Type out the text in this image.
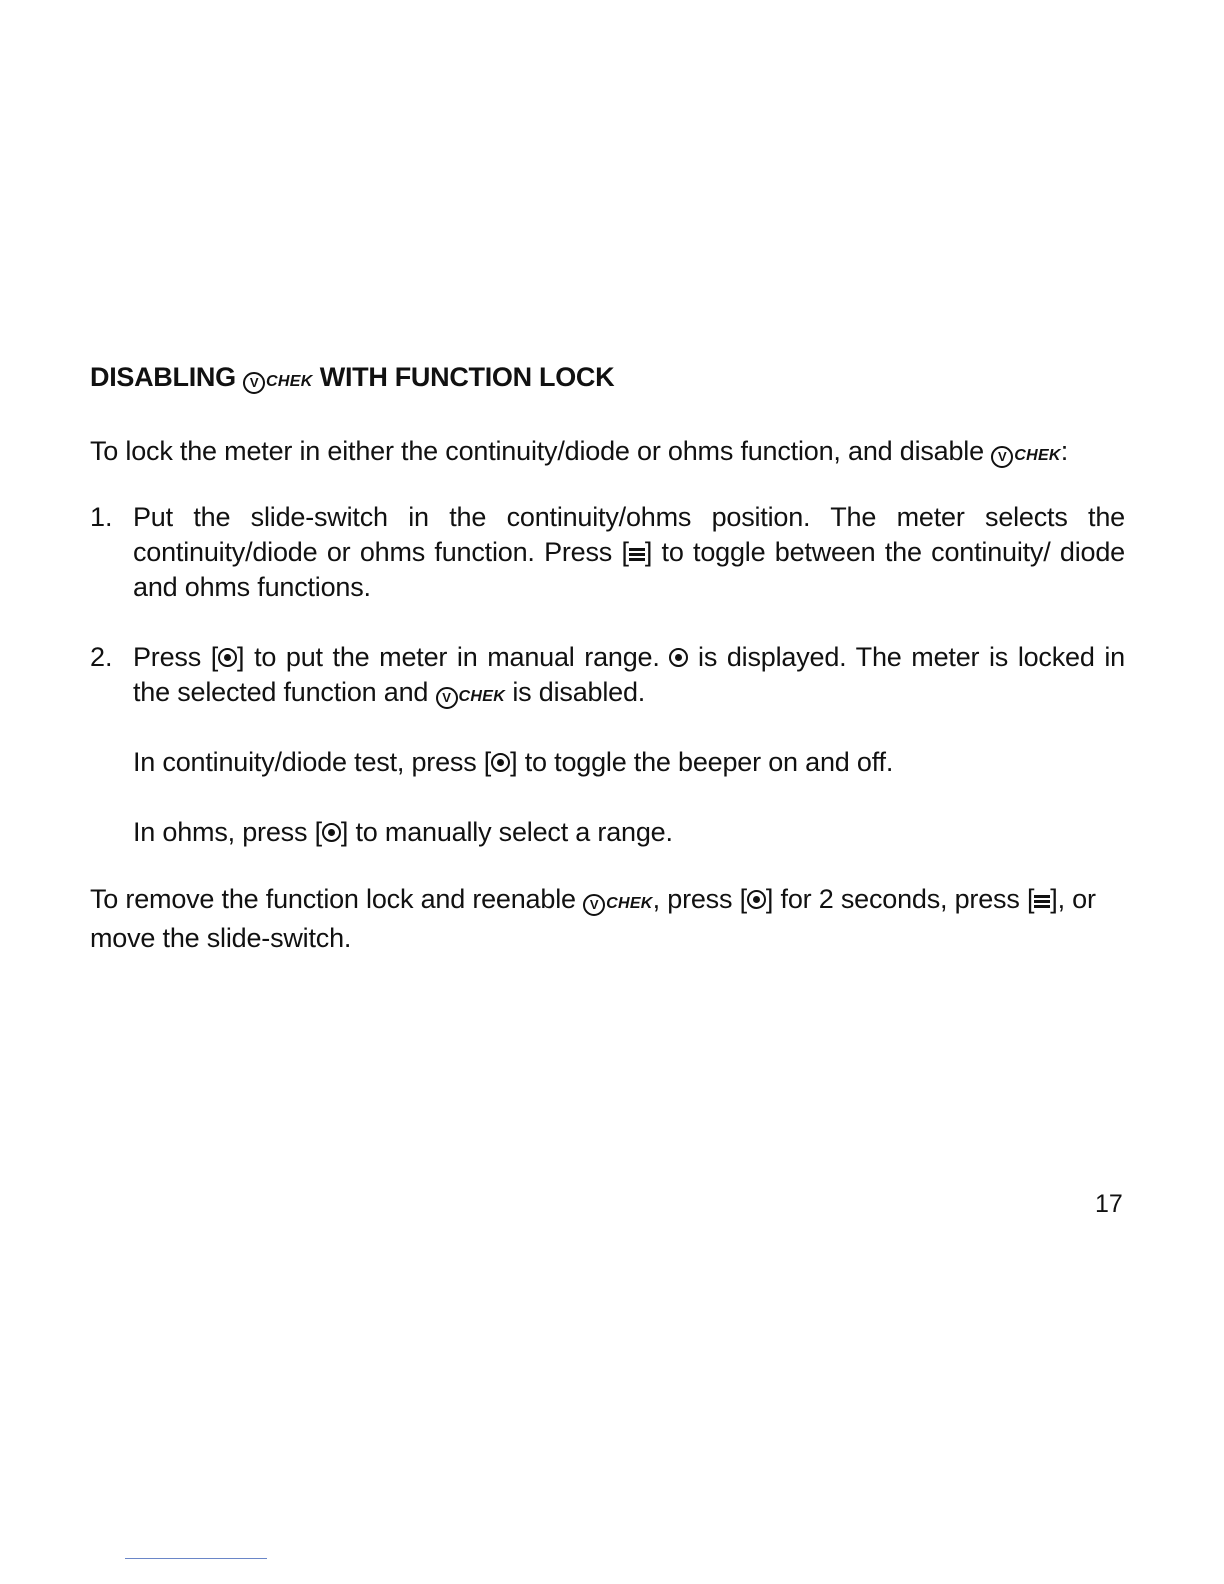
DISABLING V CHEK WITH FUNCTION LOCK
To lock the meter in either the continuity/diode or ohms function, and disable V CHEK:
1. Put the slide-switch in the continuity/ohms position. The meter selects the continuity/diode or ohms function. Press [ ] to toggle between the continuity/ diode and ohms functions.
2. Press [ ] to put the meter in manual range.  is displayed. The meter is locked in the selected function and V CHEK is disabled.
In continuity/diode test, press [ ] to toggle the beeper on and off.
In ohms, press [ ] to manually select a range.
To remove the function lock and reenable V CHEK, press [ ] for 2 seconds, press [ ], or move the slide-switch.
17
